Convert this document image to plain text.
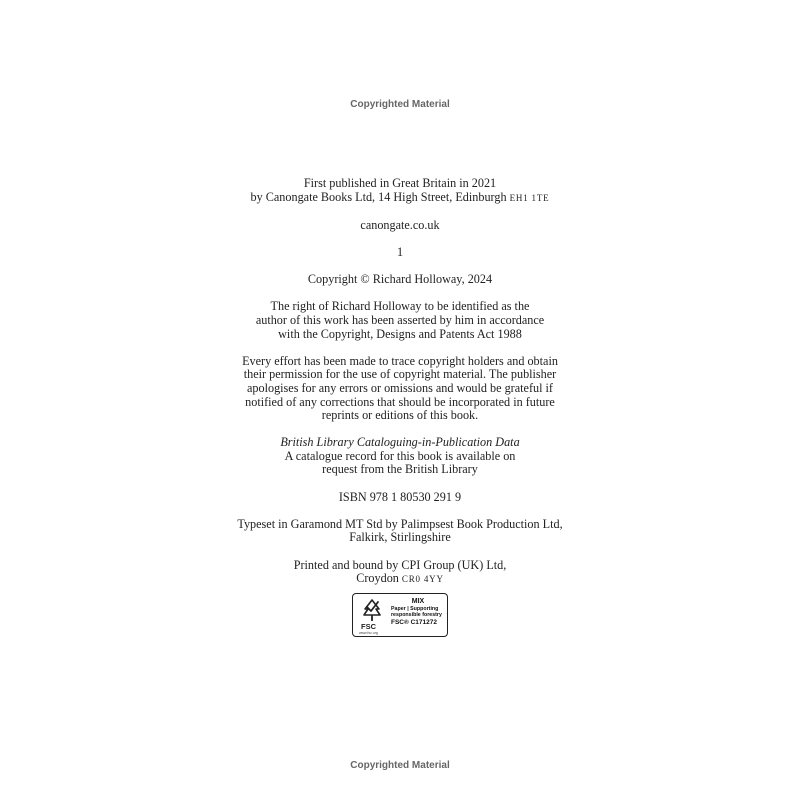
Copyrighted Material
First published in Great Britain in 2021
by Canongate Books Ltd, 14 High Street, Edinburgh EH1 1TE
canongate.co.uk
1
Copyright © Richard Holloway, 2024
The right of Richard Holloway to be identified as the
author of this work has been asserted by him in accordance
with the Copyright, Designs and Patents Act 1988
Every effort has been made to trace copyright holders and obtain
their permission for the use of copyright material. The publisher
apologises for any errors or omissions and would be grateful if
notified of any corrections that should be incorporated in future
reprints or editions of this book.
British Library Cataloguing-in-Publication Data
A catalogue record for this book is available on
request from the British Library
ISBN 978 1 80530 291 9
Typeset in Garamond MT Std by Palimpsest Book Production Ltd,
Falkirk, Stirlingshire
Printed and bound by CPI Group (UK) Ltd,
Croydon CR0 4YY
FSC
www.fsc.org
MIX
Paper | Supporting
responsible forestry
FSC® C171272
Copyrighted Material
